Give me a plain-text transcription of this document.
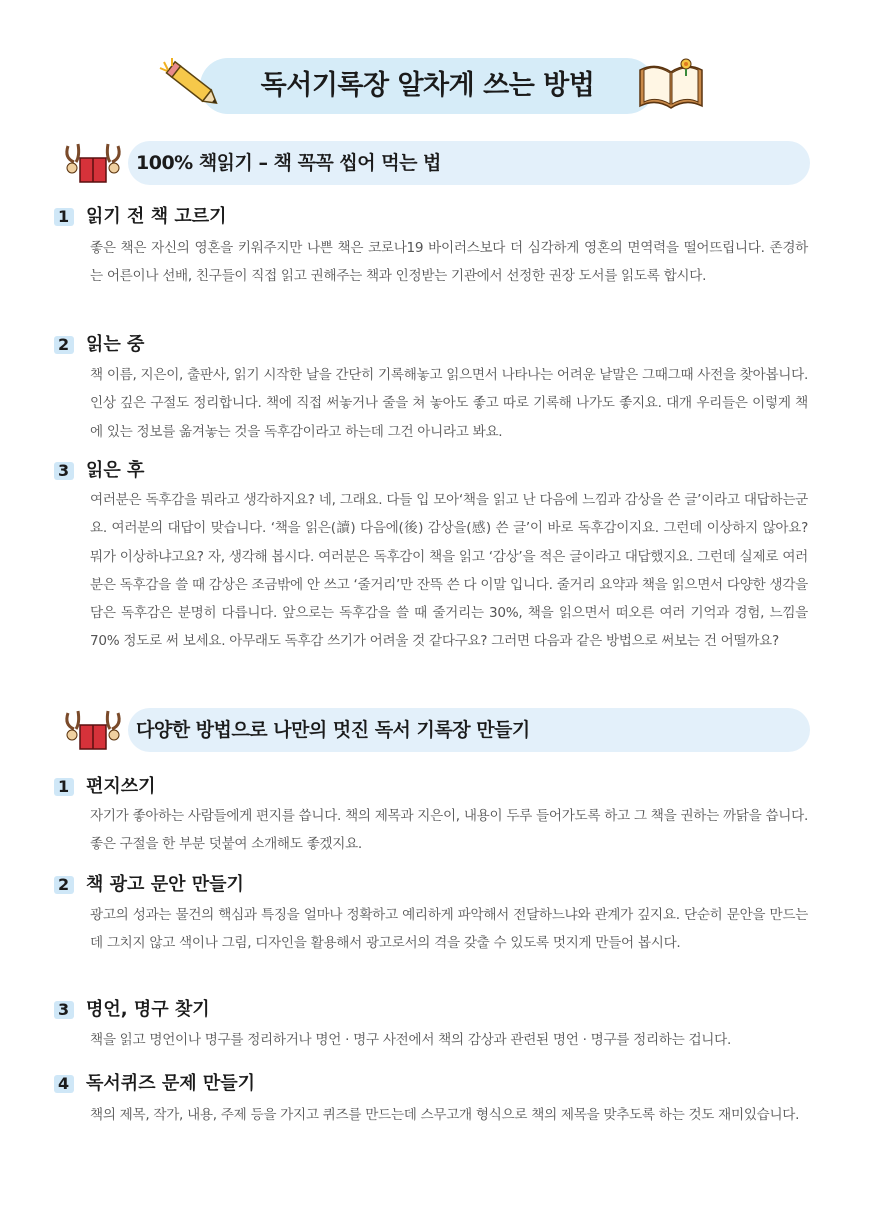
독서기록장 알차게 쓰는 방법
100% 책읽기 – 책 꼭꼭 씹어 먹는 법
1 읽기 전 책 고르기
좋은 책은 자신의 영혼을 키워주지만 나쁜 책은 코로나19 바이러스보다 더 심각하게 영혼의 면역력을 떨어뜨립니다. 존경하는 어른이나 선배, 친구들이 직접 읽고 권해주는 책과 인정받는 기관에서 선정한 권장 도서를 읽도록 합시다.
2 읽는 중
책 이름, 지은이, 출판사, 읽기 시작한 날을 간단히 기록해놓고 읽으면서 나타나는 어려운 낱말은 그때그때 사전을 찾아봅니다. 인상 깊은 구절도 정리합니다. 책에 직접 써놓거나 줄을 쳐 놓아도 좋고 따로 기록해 나가도 좋지요. 대개 우리들은 이렇게 책에 있는 정보를 옮겨놓는 것을 독후감이라고 하는데 그건 아니라고 봐요.
3 읽은 후
여러분은 독후감을 뭐라고 생각하지요? 네, 그래요. 다들 입 모아‘책을 읽고 난 다음에 느낌과 감상을 쓴 글’이라고 대답하는군요. 여러분의 대답이 맞습니다. ‘책을 읽은(讀) 다음에(後) 감상을(感) 쓴 글’이 바로 독후감이지요. 그런데 이상하지 않아요? 뭐가 이상하냐고요? 자, 생각해 봅시다. 여러분은 독후감이 책을 읽고 ‘감상’을 적은 글이라고 대답했지요. 그런데 실제로 여러분은 독후감을 쓸 때 감상은 조금밖에 안 쓰고 ‘줄거리’만 잔뜩 쓴 다 이말 입니다. 줄거리 요약과 책을 읽으면서 다양한 생각을 담은 독후감은 분명히 다릅니다. 앞으로는 독후감을 쓸 때 줄거리는 30%, 책을 읽으면서 떠오른 여러 기억과 경험, 느낌을 70% 정도로 써 보세요. 아무래도 독후감 쓰기가 어려울 것 같다구요? 그러면 다음과 같은 방법으로 써보는 건 어떨까요?
다양한 방법으로 나만의 멋진 독서 기록장 만들기
1 편지쓰기
자기가 좋아하는 사람들에게 편지를 씁니다. 책의 제목과 지은이, 내용이 두루 들어가도록 하고 그 책을 권하는 까닭을 씁니다. 좋은 구절을 한 부분 덧붙여 소개해도 좋겠지요.
2 책 광고 문안 만들기
광고의 성과는 물건의 핵심과 특징을 얼마나 정확하고 예리하게 파악해서 전달하느냐와 관계가 깊지요. 단순히 문안을 만드는 데 그치지 않고 색이나 그림, 디자인을 활용해서 광고로서의 격을 갖출 수 있도록 멋지게 만들어 봅시다.
3 명언, 명구 찾기
책을 읽고 명언이나 명구를 정리하거나 명언 · 명구 사전에서 책의 감상과 관련된 명언 · 명구를 정리하는 겁니다.
4 독서퀴즈 문제 만들기
책의 제목, 작가, 내용, 주제 등을 가지고 퀴즈를 만드는데 스무고개 형식으로 책의 제목을 맞추도록 하는 것도 재미있습니다.
